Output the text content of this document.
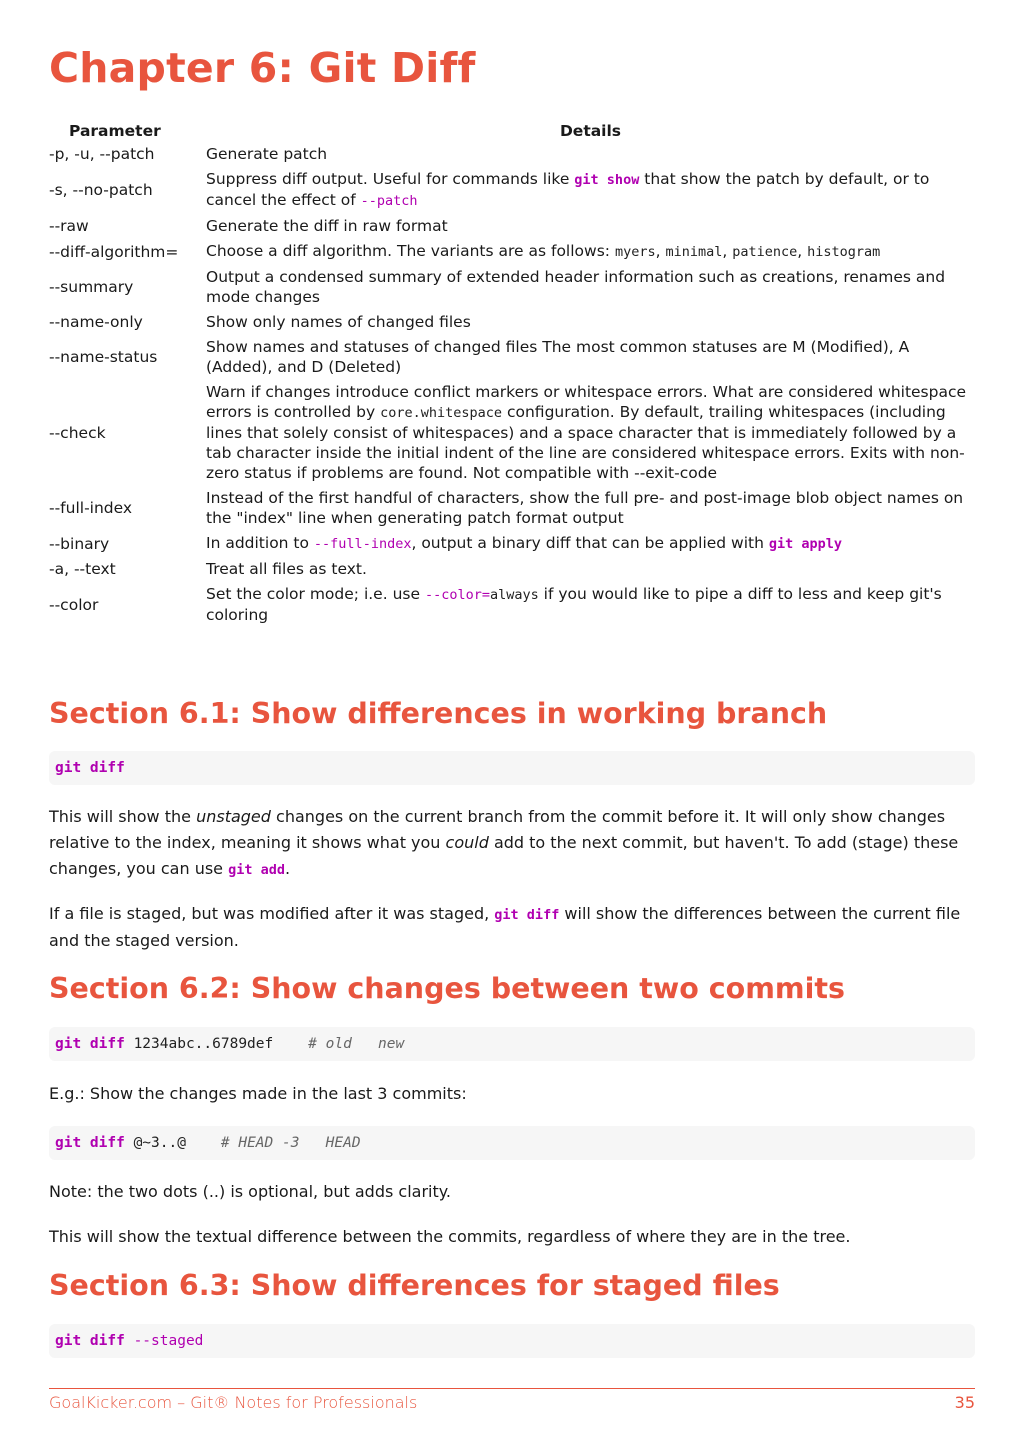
Chapter 6: Git Diff
Parameter	Details
-p, -u, --patch	Generate patch
-s, --no-patch	Suppress diff output. Useful for commands like git show that show the patch by default, or to cancel the effect of --patch
--raw	Generate the diff in raw format
--diff-algorithm=	Choose a diff algorithm. The variants are as follows: myers, minimal, patience, histogram
--summary	Output a condensed summary of extended header information such as creations, renames and mode changes
--name-only	Show only names of changed files
--name-status	Show names and statuses of changed files The most common statuses are M (Modified), A (Added), and D (Deleted)
--check	Warn if changes introduce conflict markers or whitespace errors. What are considered whitespace errors is controlled by core.whitespace configuration. By default, trailing whitespaces (including lines that solely consist of whitespaces) and a space character that is immediately followed by a tab character inside the initial indent of the line are considered whitespace errors. Exits with non-zero status if problems are found. Not compatible with --exit-code
--full-index	Instead of the first handful of characters, show the full pre- and post-image blob object names on the "index" line when generating patch format output
--binary	In addition to --full-index, output a binary diff that can be applied with git apply
-a, --text	Treat all files as text.
--color	Set the color mode; i.e. use --color=always if you would like to pipe a diff to less and keep git's coloring
Section 6.1: Show differences in working branch
git diff

This will show the unstaged changes on the current branch from the commit before it. It will only show changes relative to the index, meaning it shows what you could add to the next commit, but haven't. To add (stage) these changes, you can use git add.

If a file is staged, but was modified after it was staged, git diff will show the differences between the current file and the staged version.

Section 6.2: Show changes between two commits
git diff 1234abc..6789def # old   new

E.g.: Show the changes made in the last 3 commits:

git diff @~3..@ # HEAD -3   HEAD

Note: the two dots (..) is optional, but adds clarity.

This will show the textual difference between the commits, regardless of where they are in the tree.

Section 6.3: Show differences for staged files
git diff --staged
GoalKicker.com – Git® Notes for Professionals	35
